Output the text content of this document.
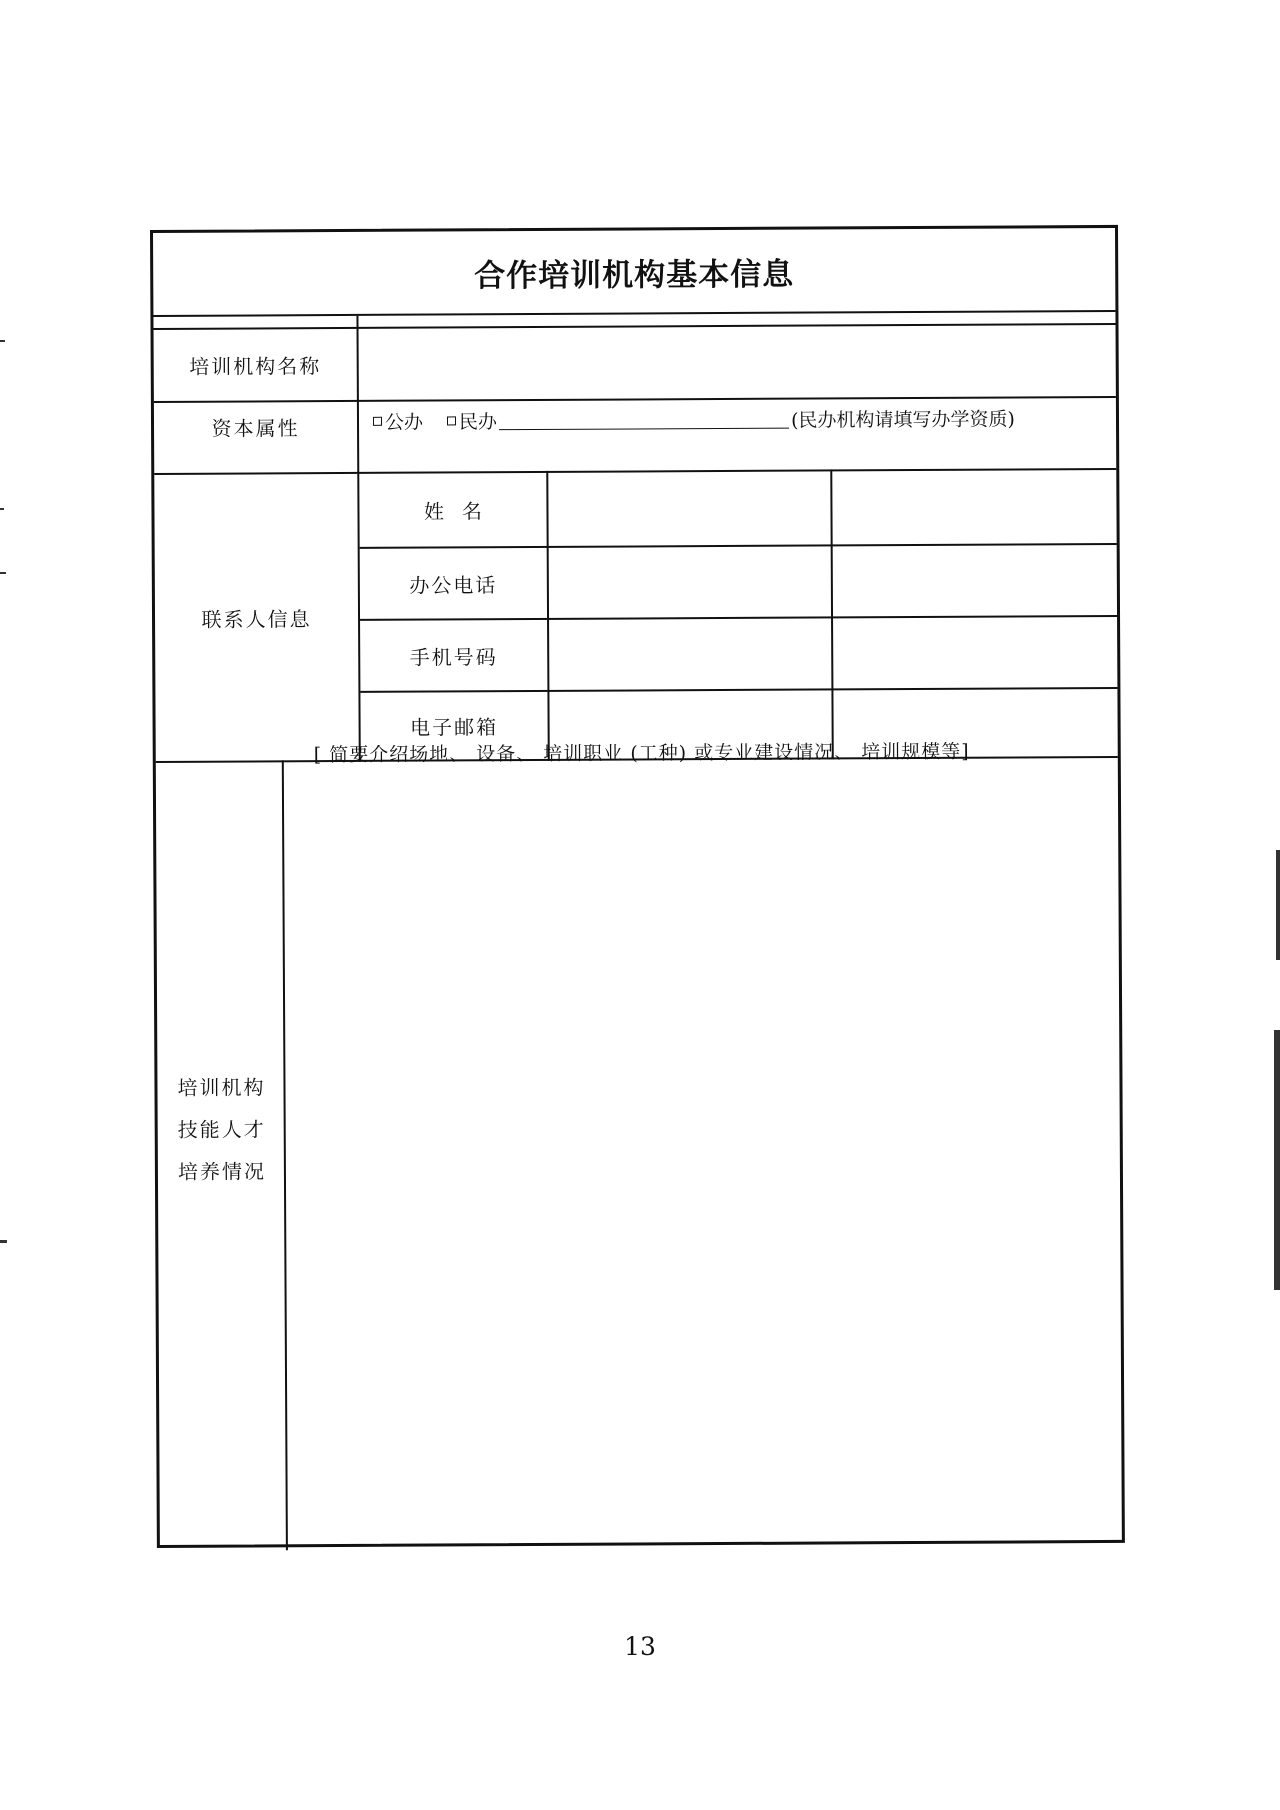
合作培训机构基本信息
培训机构名称
资本属性	公办 民办	(民办机构请填写办学资质)
联系人信息
姓名
办公电话
手机号码
电子邮箱
培训机构
技能人才
培养情况
[ 简要介绍场地、 设备、 培训职业 (工种) 或专业建设情况、 培训规模等]
13
